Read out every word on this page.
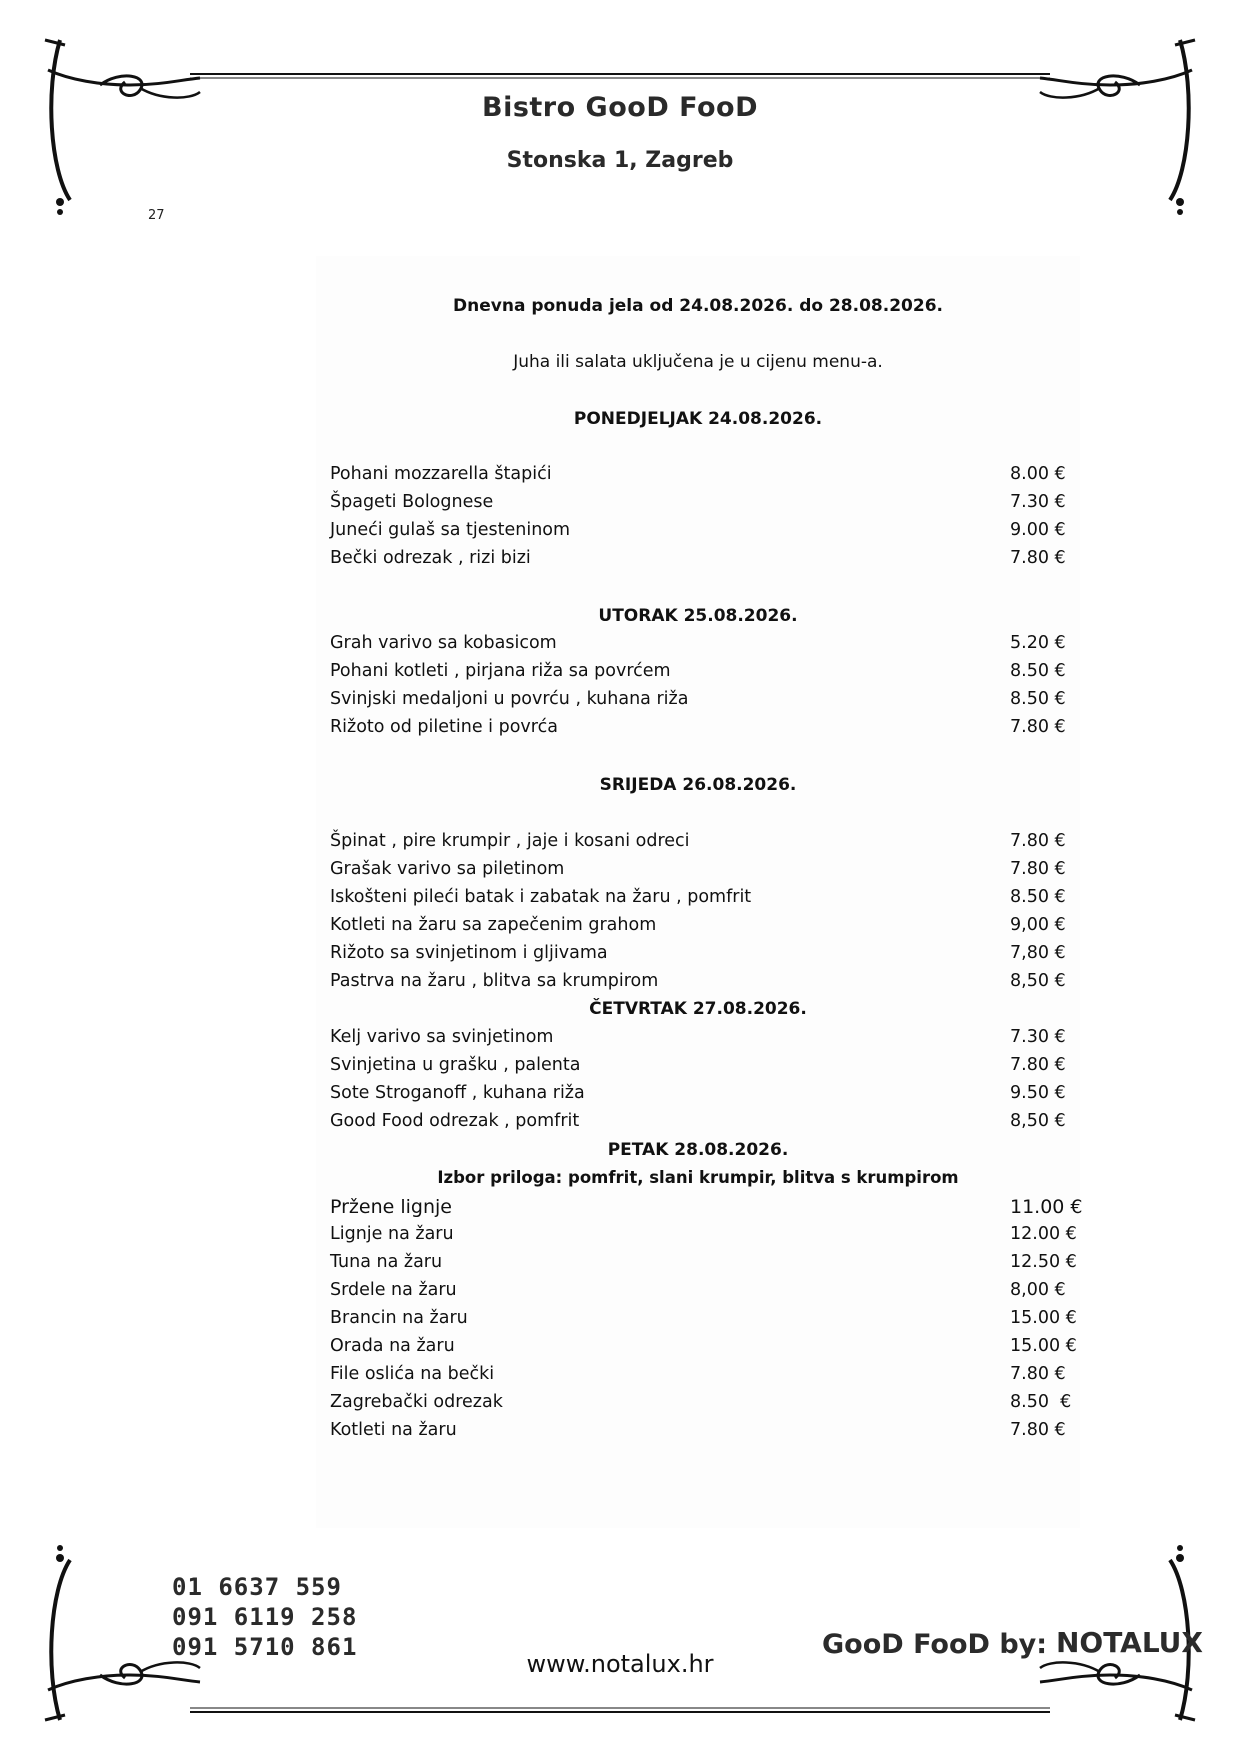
Bistro GooD FooD
Stonska 1, Zagreb
27
Dnevna ponuda jela od 24.08.2026. do 28.08.2026.
Juha ili salata uključena je u cijenu menu-a.
PONEDJELJAK 24.08.2026.
Pohani mozzarella štapići	8.00 €
Špageti Bolognese	7.30 €
Juneći gulaš sa tjesteninom	9.00 €
Bečki odrezak , rizi bizi	7.80 €
UTORAK 25.08.2026.
Grah varivo sa kobasicom	5.20 €
Pohani kotleti , pirjana riža sa povrćem	8.50 €
Svinjski medaljoni u povrću , kuhana riža	8.50 €
Rižoto od piletine i povrća	7.80 €
SRIJEDA 26.08.2026.
Špinat , pire krumpir , jaje i kosani odreci	7.80 €
Grašak varivo sa piletinom	7.80 €
Iskošteni pileći batak i zabatak na žaru , pomfrit	8.50 €
Kotleti na žaru sa zapečenim grahom	9,00 €
Rižoto sa svinjetinom i gljivama	7,80 €
Pastrva na žaru , blitva sa krumpirom	8,50 €
ČETVRTAK 27.08.2026.
Kelj varivo sa svinjetinom	7.30 €
Svinjetina u grašku , palenta	7.80 €
Sote Stroganoff , kuhana riža	9.50 €
Good Food odrezak , pomfrit	8,50 €
PETAK 28.08.2026.
Izbor priloga: pomfrit, slani krumpir, blitva s krumpirom
Pržene lignje	11.00 €
Lignje na žaru	12.00 €
Tuna na žaru	12.50 €
Srdele na žaru	8,00 €
Brancin na žaru	15.00 €
Orada na žaru	15.00 €
File oslića na bečki	7.80 €
Zagrebački odrezak	8.50  €
Kotleti na žaru	7.80 €
01 6637 559
091 6119 258
091 5710 861
www.notalux.hr
GooD FooD by: NOTALUX
